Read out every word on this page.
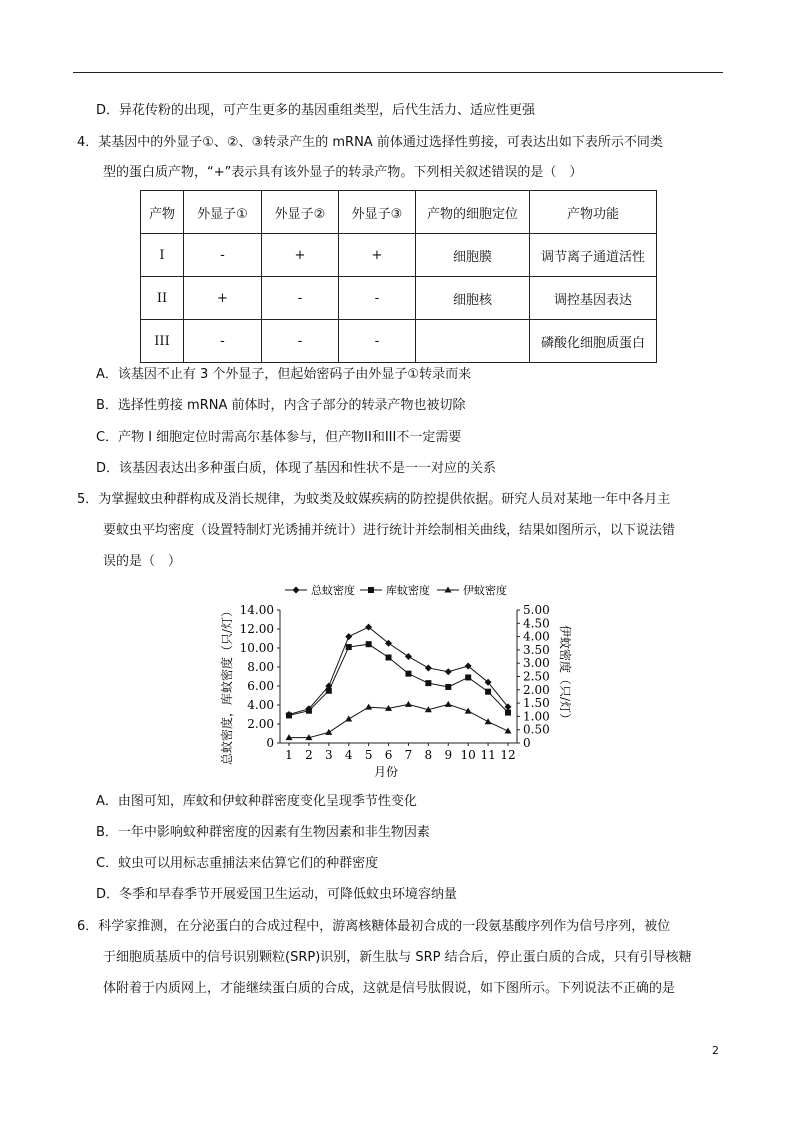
D．异花传粉的出现，可产生更多的基因重组类型，后代生活力、适应性更强
4．某基因中的外显子①、②、③转录产生的 mRNA 前体通过选择性剪接，可表达出如下表所示不同类
型的蛋白质产物，“+”表示具有该外显子的转录产物。下列相关叙述错误的是（　）
产物	外显子①	外显子②	外显子③	产物的细胞定位	产物功能
I	-	+	+	细胞膜	调节离子通道活性
II	+	-	-	细胞核	调控基因表达
III	-	-	-		磷酸化细胞质蛋白
A．该基因不止有 3 个外显子，但起始密码子由外显子①转录而来
B．选择性剪接 mRNA 前体时，内含子部分的转录产物也被切除
C．产物 I 细胞定位时需高尔基体参与，但产物II和III不一定需要
D．该基因表达出多种蛋白质，体现了基因和性状不是一一对应的关系
5．为掌握蚊虫种群构成及消长规律，为蚊类及蚊媒疾病的防控提供依据。研究人员对某地一年中各月主
要蚊虫平均密度（设置特制灯光诱捕并统计）进行统计并绘制相关曲线，结果如图所示，以下说法错
误的是（　）
总蚊密度	库蚊密度	伊蚊密度
0
2.00
4.00
6.00
8.00
10.00
12.00
14.00
0
0.50
1.00
1.50
2.00
2.50
3.00
3.50
4.00
4.50
5.00
1 2 3 4 5 6 7 8 9 10 11 12
月份
总蚊密度，库蚊密度（只/灯）	伊蚊密度（只/灯）
A．由图可知，库蚊和伊蚊种群密度变化呈现季节性变化
B．一年中影响蚊种群密度的因素有生物因素和非生物因素
C．蚊虫可以用标志重捕法来估算它们的种群密度
D．冬季和早春季节开展爱国卫生运动，可降低蚊虫环境容纳量
6．科学家推测，在分泌蛋白的合成过程中，游离核糖体最初合成的一段氨基酸序列作为信号序列，被位
于细胞质基质中的信号识别颗粒(SRP)识别，新生肽与 SRP 结合后，停止蛋白质的合成，只有引导核糖
体附着于内质网上，才能继续蛋白质的合成，这就是信号肽假说，如下图所示。下列说法不正确的是
2
